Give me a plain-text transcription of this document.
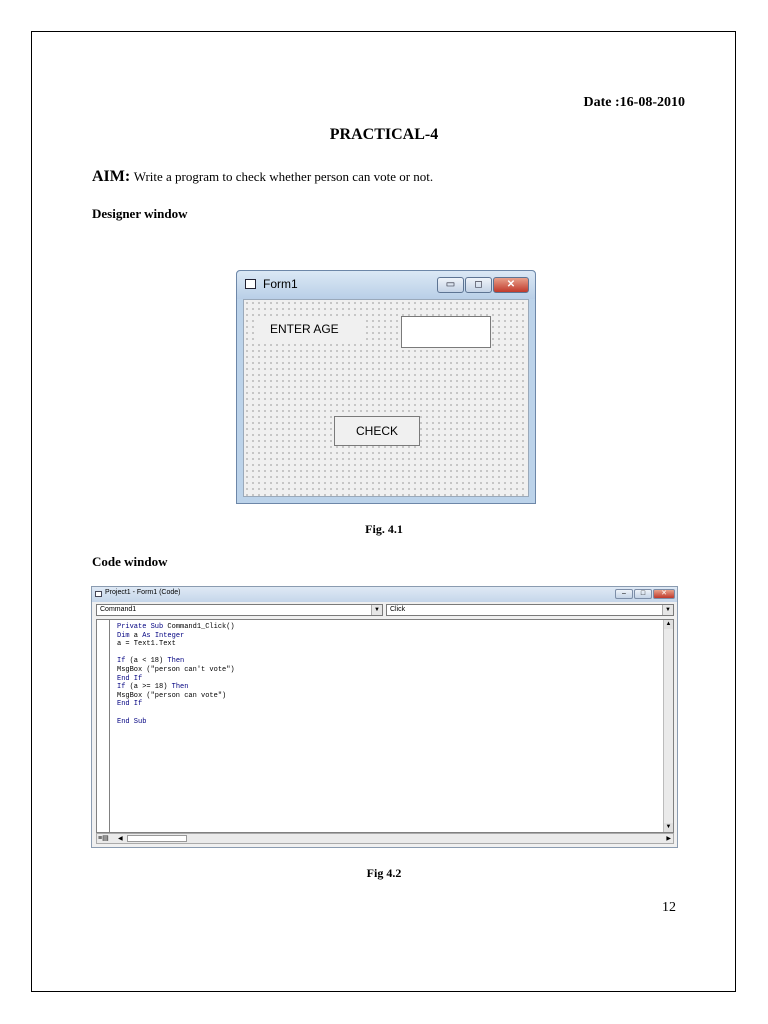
Date :16-08-2010
PRACTICAL-4
AIM: Write a program to check whether person can vote or not.
Designer window
Form1	▭	◻	✕
ENTER AGE
CHECK
Fig. 4.1
Code window
Project1 - Form1 (Code)	–	□	✕
Command1	▼	Click	▼
Private Sub Command1_Click()
Dim a As Integer
a = Text1.Text
If (a < 18) Then
MsgBox ("person can't vote")
End If
If (a >= 18) Then
MsgBox ("person can vote")
End If
End Sub
▲
▼
≡▤ ◀	▶
Fig 4.2
12
